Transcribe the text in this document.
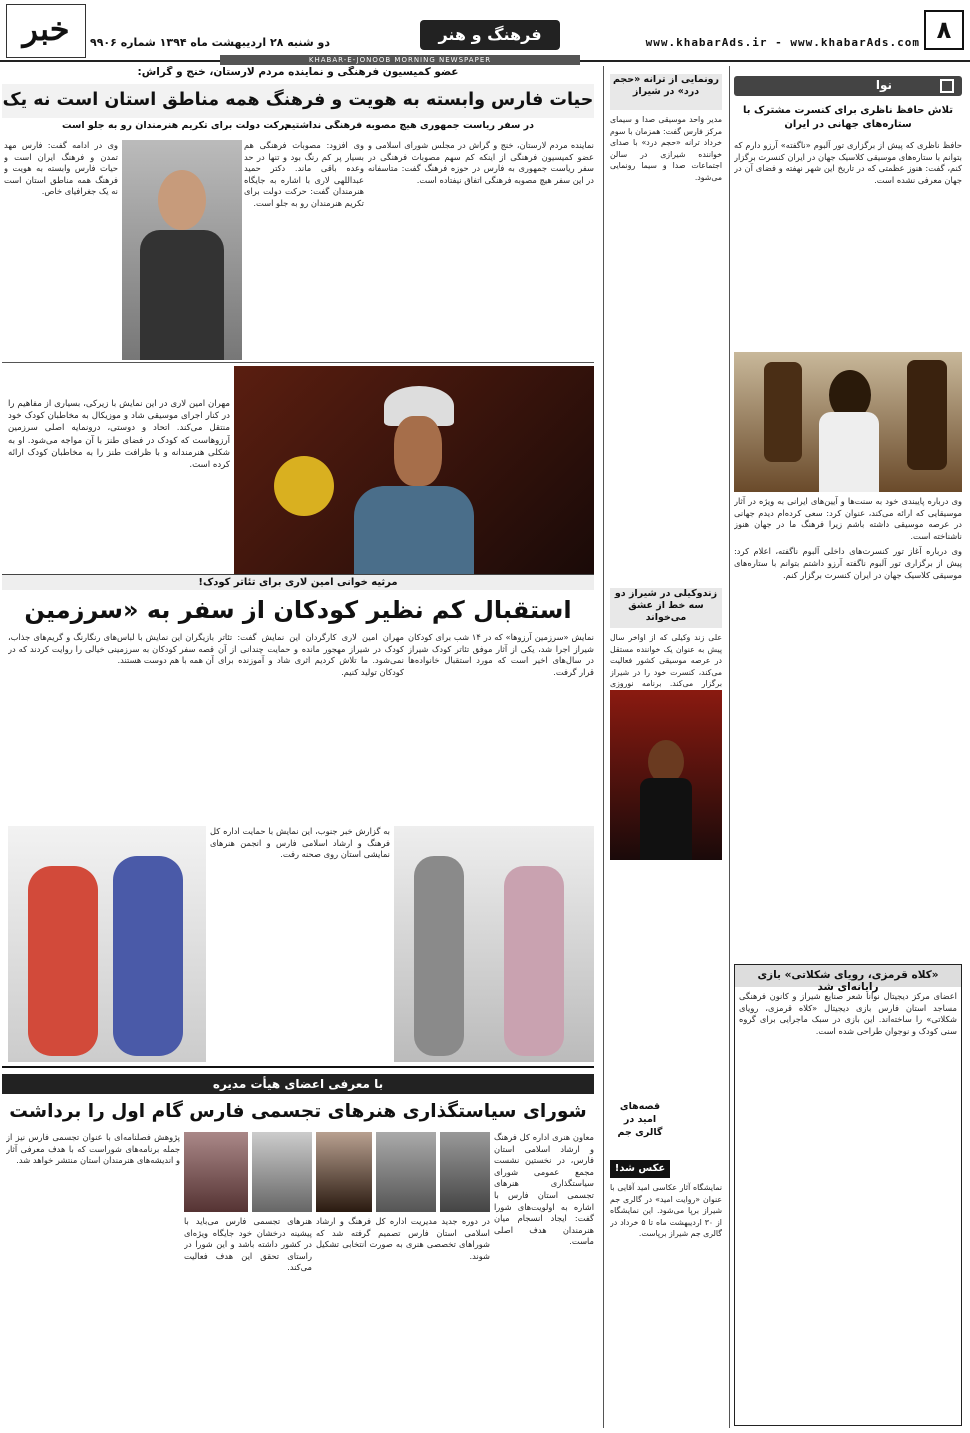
۸
www.khabarAds.ir - www.khabarAds.com
فرهنگ و هنر
دو شنبه ۲۸ اردیبهشت ماه ۱۳۹۴ شماره ۹۹۰۶
خبر
KHABAR-E-JONOOB MORNING NEWSPAPER
نوا
تلاش حافظ ناظری برای کنسرت مشترک با ستاره‌های جهانی در ایران

حافظ ناظری که پیش از برگزاری تور آلبوم «ناگفته» آرزو دارم که بتوانم با ستاره‌های موسیقی کلاسیک جهان در ایران کنسرت برگزار کنم، گفت: هنوز عظمتی که در تاریخ این شهر نهفته و فضای آن در جهان معرفی نشده است.

وی درباره پایبندی خود به سنت‌ها و آیین‌های ایرانی به ویژه در آثار موسیقایی که ارائه می‌کند، عنوان کرد: سعی کرده‌ام دیدم جهانی در عرصه موسیقی داشته باشم زیرا فرهنگ ما در جهان هنوز ناشناخته است.

وی درباره آغاز تور کنسرت‌های داخلی آلبوم ناگفته، اعلام کرد: پیش از برگزاری تور آلبوم ناگفته آرزو داشتم بتوانم با ستاره‌های موسیقی کلاسیک جهان در ایران کنسرت برگزار کنم.

«کلاه قرمزی، رویای شکلاتی» بازی رایانه‌ای شد
اعضای مرکز دیجیتال نوانا شعر صنایع شیراز و کانون فرهنگی مساجد استان فارس بازی دیجیتال «کلاه قرمزی، رویای شکلاتی» را ساخته‌اند. این بازی در سبک ماجرایی برای گروه سنی کودک و نوجوان طراحی شده است.
رونمایی از ترانه «حجم درد» در شیراز
مدیر واحد موسیقی صدا و سیمای مرکز فارس گفت: همزمان با سوم خرداد ترانه «حجم درد» با صدای خواننده شیرازی در سالن اجتماعات صدا و سیما رونمایی می‌شود.
زندوکیلی در شیراز دو سه خط از عشق می‌خواند
علی زند وکیلی که از اواخر سال پیش به عنوان یک خواننده مستقل در عرصه موسیقی کشور فعالیت می‌کند، کنسرت خود را در شیراز برگزار می‌کند. برنامه نوروزی
قصه‌های امید در گالری جم
عکس شد!
نمایشگاه آثار عکاسی امید آقایی با عنوان «روایت امید» در گالری جم شیراز برپا می‌شود. این نمایشگاه از ۳۰ اردیبهشت ماه تا ۵ خرداد در گالری جم شیراز برپاست.
عضو کمیسیون فرهنگی و نماینده مردم لارستان، خنج و گراش:
حیات فارس وابسته به هویت و فرهنگ همه مناطق استان است نه یک
در سفر ریاست جمهوری هیچ مصوبه فرهنگی نداشتیم
حرکت دولت برای تکریم هنرمندان رو به جلو است
نماینده مردم لارستان، خنج و گراش در مجلس شورای اسلامی و عضو کمیسیون فرهنگی از اینکه کم سهم مصوبات فرهنگی در سفر ریاست جمهوری به فارس در حوزه فرهنگ گفت: متاسفانه در این سفر هیچ مصوبه فرهنگی اتفاق نیفتاده است.
وی افزود: مصوبات فرهنگی هم بسیار پر کم رنگ بود و تنها در حد وعده باقی ماند. دکتر حمید عبداللهی لاری با اشاره به جایگاه هنرمندان گفت: حرکت دولت برای تکریم هنرمندان رو به جلو است.
وی در ادامه گفت: فارس مهد تمدن و فرهنگ ایران است و حیات فارس وابسته به هویت و فرهنگ همه مناطق استان است نه یک جغرافیای خاص.
مهران امین لاری در این نمایش با زیرکی، بسیاری از مفاهیم را در کنار اجرای موسیقی شاد و موزیکال به مخاطبان کودک خود منتقل می‌کند. اتحاد و دوستی، درونمایه اصلی سرزمین آرزوهاست که کودک در فضای طنز با آن مواجه می‌شود. او به شکلی هنرمندانه و با ظرافت طنز را به مخاطبان کودک ارائه کرده است.
مرثیه خوانی امین لاری برای تئاتر کودک!
استقبال کم نظیر کودکان از سفر به «سرزمین
نمایش «سرزمین آرزوها» که در ۱۴ شب برای کودکان شیراز اجرا شد، یکی از آثار موفق تئاتر کودک شیراز در سال‌های اخیر است که مورد استقبال خانواده‌ها قرار گرفت.
مهران امین لاری کارگردان این نمایش گفت: تئاتر کودک در شیراز مهجور مانده و حمایت چندانی از آن نمی‌شود. ما تلاش کردیم اثری شاد و آموزنده برای کودکان تولید کنیم.
بازیگران این نمایش با لباس‌های رنگارنگ و گریم‌های جذاب، قصه سفر کودکان به سرزمینی خیالی را روایت کردند که در آن همه با هم دوست هستند.
به گزارش خبر جنوب، این نمایش با حمایت اداره کل فرهنگ و ارشاد اسلامی فارس و انجمن هنرهای نمایشی استان روی صحنه رفت.
با معرفی اعضای هیأت مدیره
شورای سیاستگذاری هنرهای تجسمی فارس گام اول را برداشت
معاون هنری اداره کل فرهنگ و ارشاد اسلامی استان فارس، در نخستین نشست مجمع عمومی شورای سیاستگذاری هنرهای تجسمی استان فارس با اشاره به اولویت‌های شورا گفت: ایجاد انسجام میان هنرمندان هدف اصلی ماست.
در دوره جدید مدیریت اداره کل فرهنگ و ارشاد اسلامی استان فارس تصمیم گرفته شد که شوراهای تخصصی هنری به صورت انتخابی تشکیل شوند.
هنرهای تجسمی فارس می‌باید با پیشینه درخشان خود جایگاه ویژه‌ای در کشور داشته باشد و این شورا در راستای تحقق این هدف فعالیت می‌کند.
پژوهش فصلنامه‌ای با عنوان تجسمی فارس نیز از جمله برنامه‌های شوراست که با هدف معرفی آثار و اندیشه‌های هنرمندان استان منتشر خواهد شد.
